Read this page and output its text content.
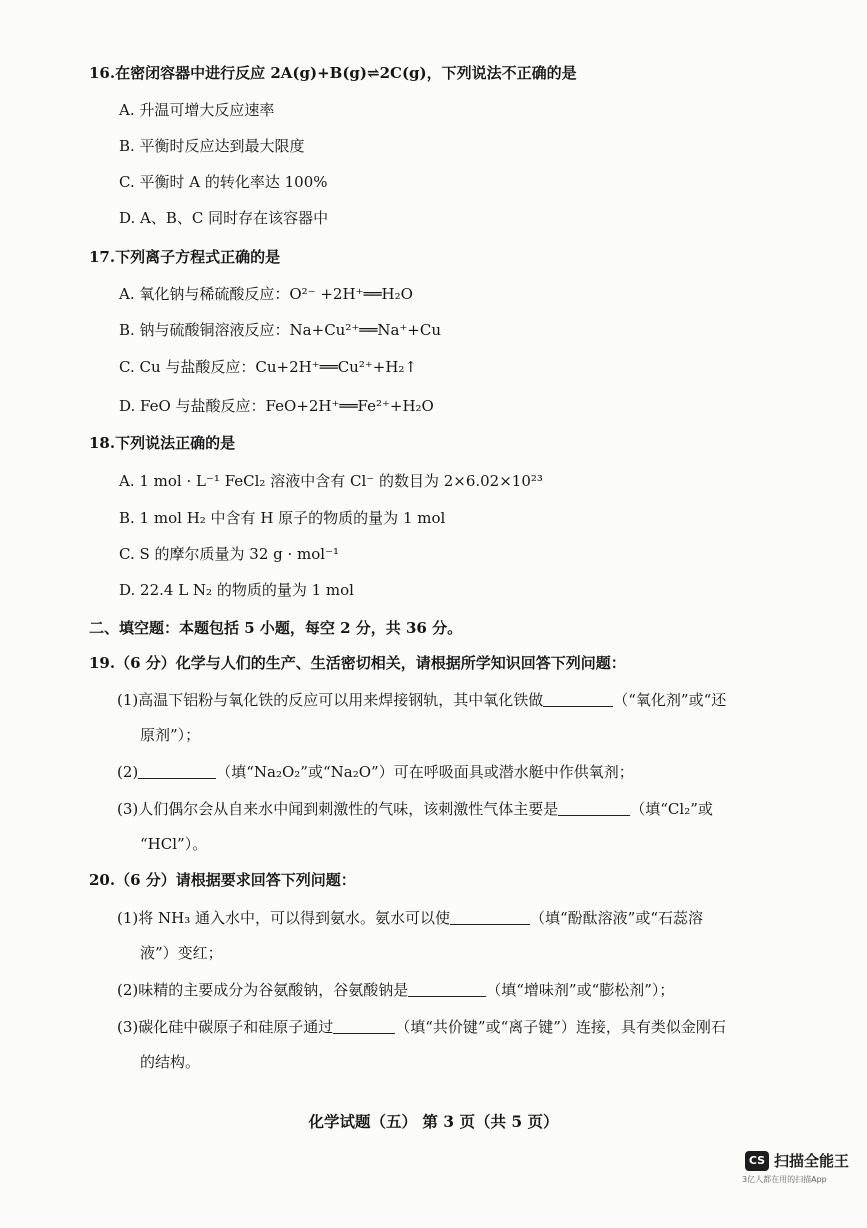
16.在密闭容器中进行反应 2A(g)+B(g)⇌2C(g)，下列说法不正确的是
A. 升温可增大反应速率
B. 平衡时反应达到最大限度
C. 平衡时 A 的转化率达 100%
D. A、B、C 同时存在该容器中
17.下列离子方程式正确的是
A. 氧化钠与稀硫酸反应：O²⁻ +2H⁺══H₂O
B. 钠与硫酸铜溶液反应：Na+Cu²⁺══Na⁺+Cu
C. Cu 与盐酸反应：Cu+2H⁺══Cu²⁺+H₂↑
D. FeO 与盐酸反应：FeO+2H⁺══Fe²⁺+H₂O
18.下列说法正确的是
A. 1 mol · L⁻¹ FeCl₂ 溶液中含有 Cl⁻ 的数目为 2×6.02×10²³
B. 1 mol H₂ 中含有 H 原子的物质的量为 1 mol
C. S 的摩尔质量为 32 g · mol⁻¹
D. 22.4 L N₂ 的物质的量为 1 mol
二、填空题：本题包括 5 小题，每空 2 分，共 36 分。
19.（6 分）化学与人们的生产、生活密切相关，请根据所学知识回答下列问题：
(1)高温下铝粉与氧化铁的反应可以用来焊接钢轨，其中氧化铁做	（“氧化剂”或“还
原剂”）；
(2)	（填“Na₂O₂”或“Na₂O”）可在呼吸面具或潜水艇中作供氧剂；
(3)人们偶尔会从自来水中闻到刺激性的气味，该刺激性气体主要是	（填“Cl₂”或
“HCl”）。
20.（6 分）请根据要求回答下列问题：
(1)将 NH₃ 通入水中，可以得到氨水。氨水可以使	（填“酚酞溶液”或“石蕊溶
液”）变红；
(2)味精的主要成分为谷氨酸钠，谷氨酸钠是	（填“增味剂”或“膨松剂”）；
(3)碳化硅中碳原子和硅原子通过	（填“共价键”或“离子键”）连接，具有类似金刚石
的结构。
化学试题（五） 第 3 页（共 5 页）
CS 扫描全能王
3亿人都在用的扫描App
